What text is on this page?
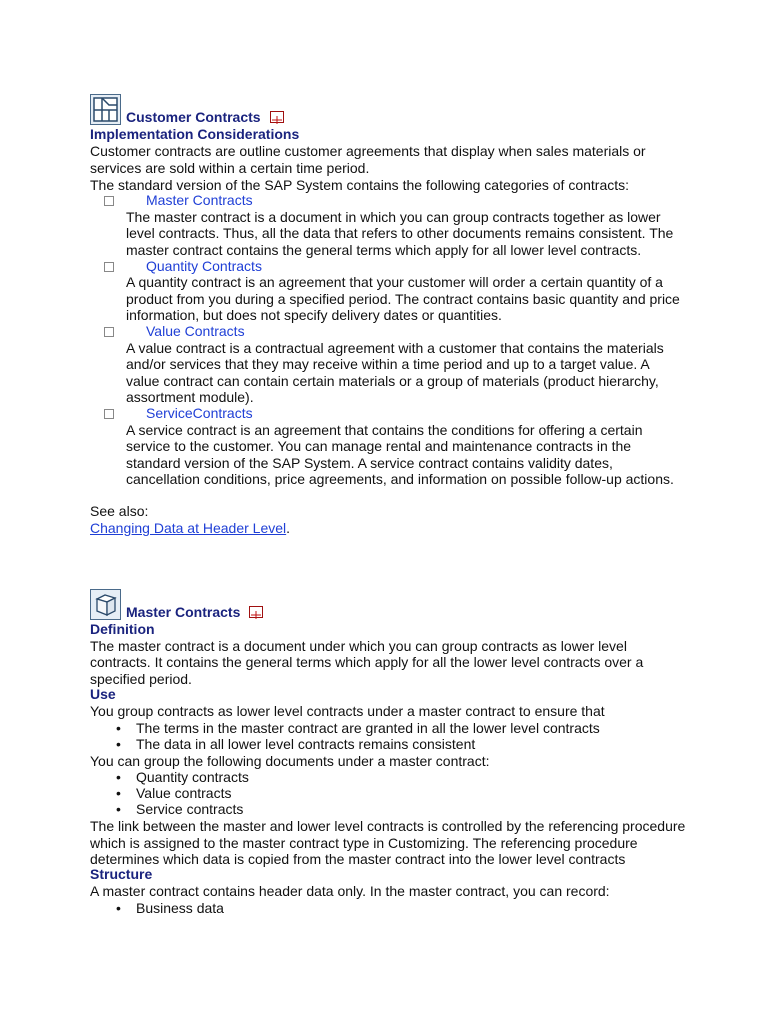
Customer Contracts
Implementation Considerations
Customer contracts are outline customer agreements that display when sales materials or
services are sold within a certain time period.
The standard version of the SAP System contains the following categories of contracts:
Master Contracts
The master contract is a document in which you can group contracts together as lower
level contracts. Thus, all the data that refers to other documents remains consistent. The
master contract contains the general terms which apply for all lower level contracts.
Quantity Contracts
A quantity contract is an agreement that your customer will order a certain quantity of a
product from you during a specified period. The contract contains basic quantity and price
information, but does not specify delivery dates or quantities.
Value Contracts
A value contract is a contractual agreement with a customer that contains the materials
and/or services that they may receive within a time period and up to a target value. A
value contract can contain certain materials or a group of materials (product hierarchy,
assortment module).
ServiceContracts
A service contract is an agreement that contains the conditions for offering a certain
service to the customer. You can manage rental and maintenance contracts in the
standard version of the SAP System. A service contract contains validity dates,
cancellation conditions, price agreements, and information on possible follow-up actions.
See also:
Changing Data at Header Level.
Master Contracts
Definition
The master contract is a document under which you can group contracts as lower level
contracts. It contains the general terms which apply for all the lower level contracts over a
specified period.
Use
You group contracts as lower level contracts under a master contract to ensure that
• The terms in the master contract are granted in all the lower level contracts
• The data in all lower level contracts remains consistent
You can group the following documents under a master contract:
• Quantity contracts
• Value contracts
• Service contracts
The link between the master and lower level contracts is controlled by the referencing procedure
which is assigned to the master contract type in Customizing. The referencing procedure
determines which data is copied from the master contract into the lower level contracts
Structure
A master contract contains header data only. In the master contract, you can record:
• Business data
